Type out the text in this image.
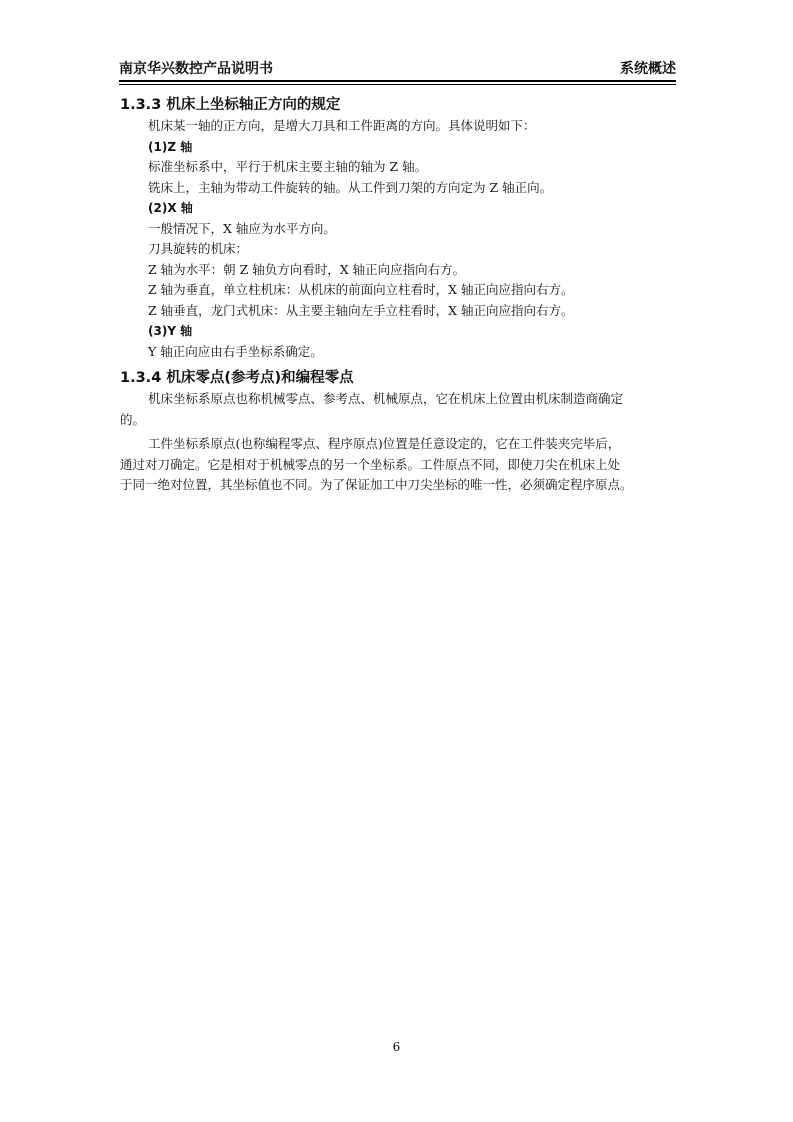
南京华兴数控产品说明书	系统概述
1.3.3 机床上坐标轴正方向的规定
机床某一轴的正方向，是增大刀具和工件距离的方向。具体说明如下：
(1)Z 轴
标准坐标系中，平行于机床主要主轴的轴为 Z 轴。
铣床上，主轴为带动工件旋转的轴。从工件到刀架的方向定为 Z 轴正向。
(2)X 轴
一般情况下，X 轴应为水平方向。
刀具旋转的机床：
Z 轴为水平：朝 Z 轴负方向看时，X 轴正向应指向右方。
Z 轴为垂直，单立柱机床：从机床的前面向立柱看时，X 轴正向应指向右方。
Z 轴垂直，龙门式机床：从主要主轴向左手立柱看时，X 轴正向应指向右方。
(3)Y 轴
Y 轴正向应由右手坐标系确定。
1.3.4 机床零点(参考点)和编程零点
机床坐标系原点也称机械零点、参考点、机械原点，它在机床上位置由机床制造商确定
的。
工件坐标系原点(也称编程零点、程序原点)位置是任意设定的，它在工件装夹完毕后，
通过对刀确定。它是相对于机械零点的另一个坐标系。工件原点不同，即使刀尖在机床上处
于同一绝对位置，其坐标值也不同。为了保证加工中刀尖坐标的唯一性，必须确定程序原点。
6
